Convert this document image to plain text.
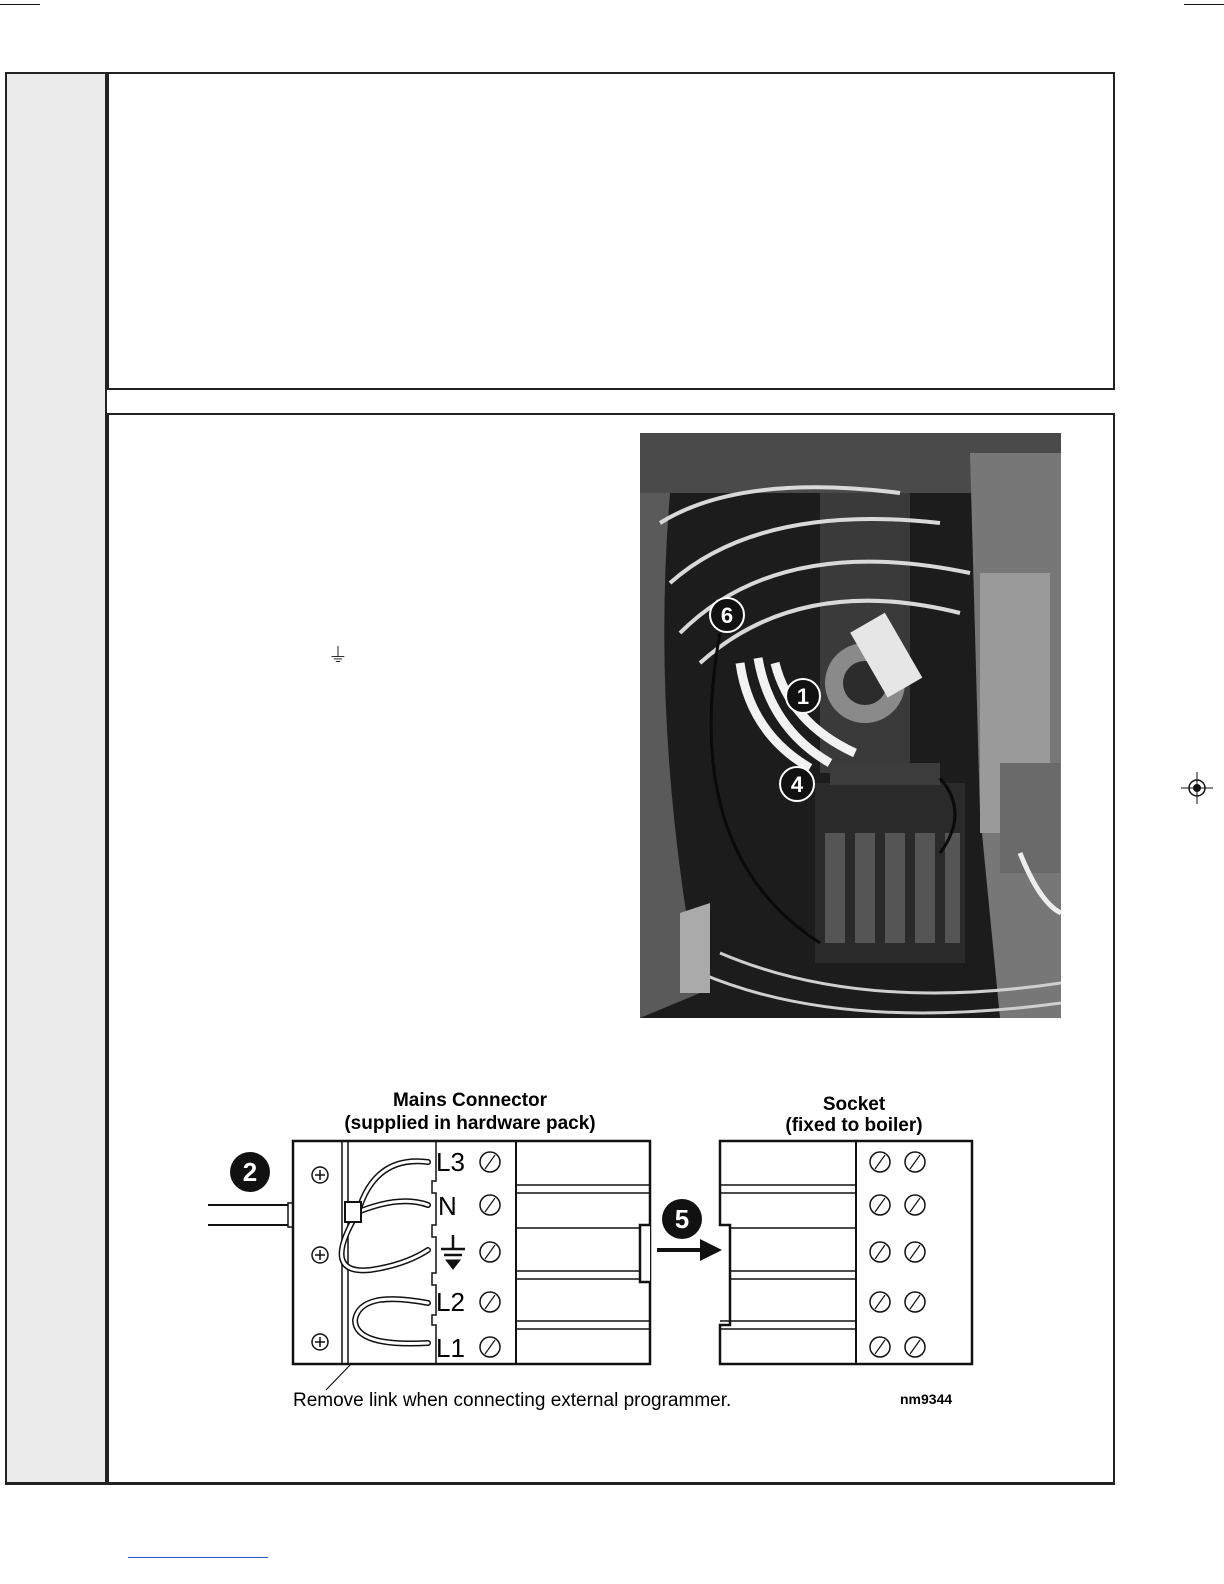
⏚
6
1
4
Mains Connector
(supplied in hardware pack)
Socket
(fixed to boiler)
2	L3
N
L2
L1
5
Remove link when connecting external programmer.	nm9344
